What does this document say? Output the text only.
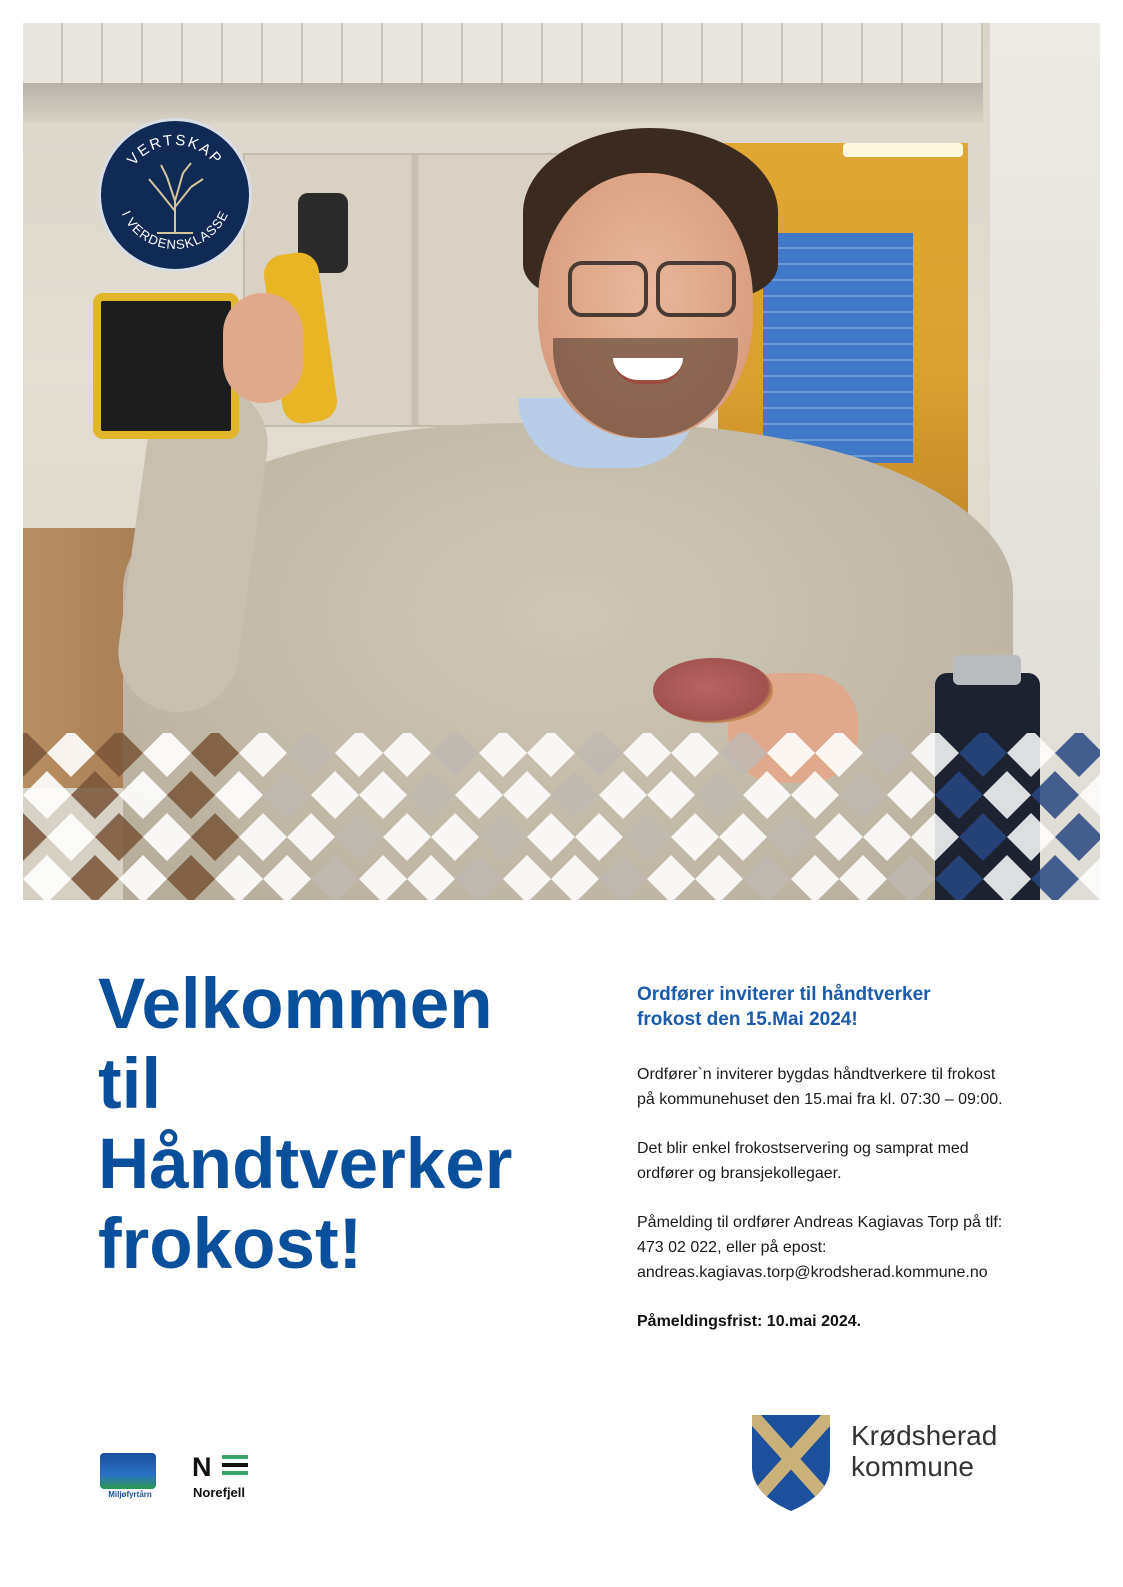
VERTSKAP
I VERDENSKLASSE
Velkommen
til
Håndtverker
frokost!

Ordfører inviterer til håndtverker
frokost den 15.Mai 2024!

Ordfører`n inviterer bygdas håndtverkere til frokost
på kommunehuset den 15.mai fra kl. 07:30 – 09:00.

Det blir enkel frokostservering og samprat med
ordfører og bransjekollegaer.

Påmelding til ordfører Andreas Kagiavas Torp på tlf:
473 02 022, eller på epost:
andreas.kagiavas.torp@krodsherad.kommune.no

Påmeldingsfrist: 10.mai 2024.

Miljøfyrtårn
N
Norefjell
Krødsherad
kommune
